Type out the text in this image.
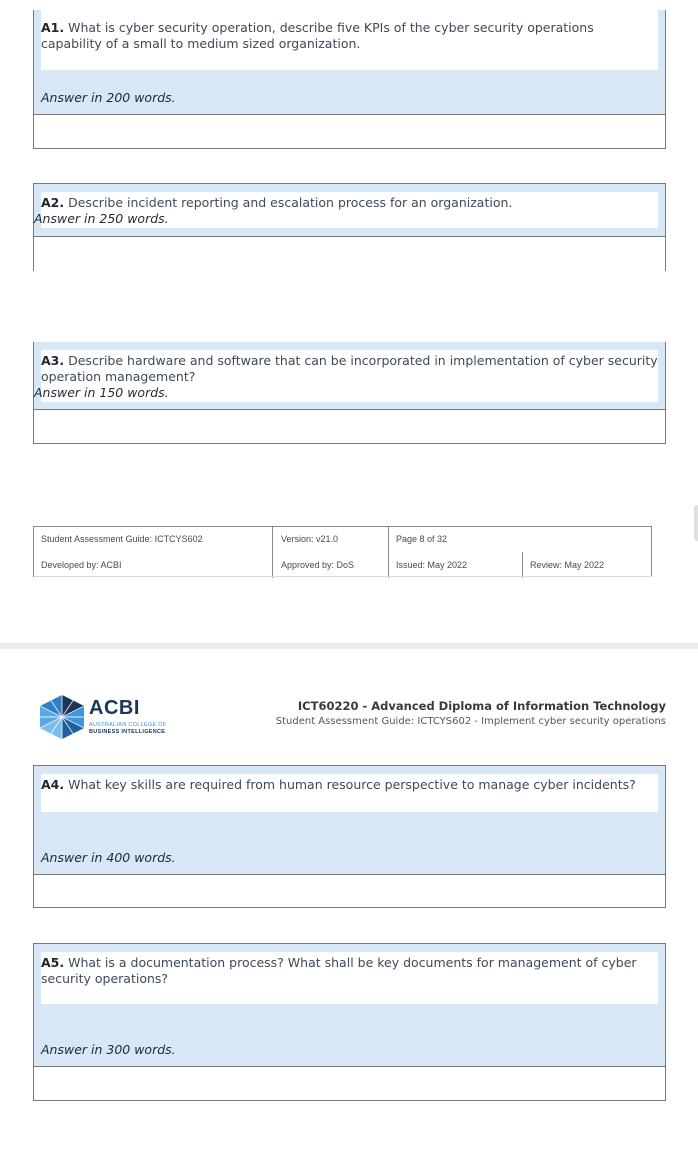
A1. What is cyber security operation, describe five KPIs of the cyber security operations capability of a small to medium sized organization.
Answer in 200 words.
A2. Describe incident reporting and escalation process for an organization.
Answer in 250 words.
A3. Describe hardware and software that can be incorporated in implementation of cyber security operation management?
Answer in 150 words.
Student Assessment Guide: ICTCYS602	Version: v21.0	Page 8 of 32
Developed by: ACBI	Approved by: DoS	Issued: May 2022	Review: May 2022
ACBI
AUSTRALIAN COLLEGE OF
BUSINESS INTELLIGENCE
ICT60220 - Advanced Diploma of Information Technology
Student Assessment Guide: ICTCYS602 - Implement cyber security operations
A4. What key skills are required from human resource perspective to manage cyber incidents?
Answer in 400 words.
A5. What is a documentation process? What shall be key documents for management of cyber security operations?
Answer in 300 words.
